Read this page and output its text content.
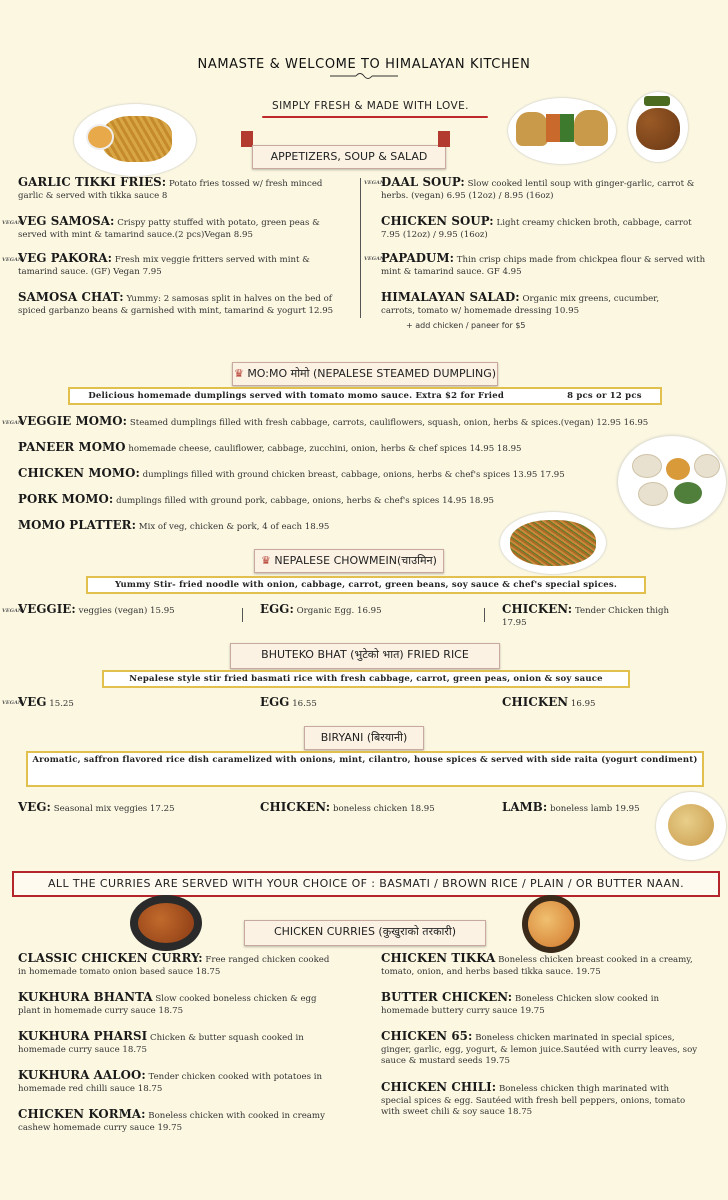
NAMASTE & WELCOME TO HIMALAYAN KITCHEN
SIMPLY FRESH & MADE WITH LOVE.
APPETIZERS, SOUP & SALAD
GARLIC TIKKI FRIES: Potato fries tossed w/ fresh minced garlic & served with tikka sauce 8
VEGAN
VEG SAMOSA: Crispy patty stuffed with potato, green peas & served with mint & tamarind sauce.(2 pcs)Vegan 8.95
VEGAN
VEG PAKORA: Fresh mix veggie fritters served with mint & tamarind sauce. (GF) Vegan 7.95
SAMOSA CHAT: Yummy: 2 samosas split in halves on the bed of spiced garbanzo beans & garnished with mint, tamarind & yogurt 12.95
VEGAN
DAAL SOUP: Slow cooked lentil soup with ginger-garlic, carrot & herbs. (vegan) 6.95 (12oz) / 8.95 (16oz)
CHICKEN SOUP: Light creamy chicken broth, cabbage, carrot 7.95 (12oz) / 9.95 (16oz)
VEGAN
PAPADUM: Thin crisp chips made from chickpea flour & served with mint & tamarind sauce. GF 4.95
HIMALAYAN SALAD: Organic mix greens, cucumber, carrots, tomato w/ homemade dressing 10.95
+ add chicken / paneer for $5
♛ MO:MO मोमो (NEPALESE STEAMED DUMPLING)
Delicious homemade dumplings served with tomato momo sauce. Extra $2 for Fried	8 pcs or 12 pcs
VEGAN
VEGGIE MOMO: Steamed dumplings filled with fresh cabbage, carrots, cauliflowers, squash, onion, herbs & spices.(vegan) 12.95 16.95
PANEER MOMO homemade cheese, cauliflower, cabbage, zucchini, onion, herbs & chef spices 14.95 18.95
CHICKEN MOMO: dumplings filled with ground chicken breast, cabbage, onions, herbs & chef's spices 13.95 17.95
PORK MOMO: dumplings filled with ground pork, cabbage, onions, herbs & chef's spices 14.95 18.95
MOMO PLATTER: Mix of veg, chicken & pork, 4 of each 18.95
♛ NEPALESE CHOWMEIN(चाउमिन)
Yummy Stir- fried noodle with onion, cabbage, carrot, green beans, soy sauce & chef's special spices.
VEGAN
VEGGIE: veggies (vegan) 15.95	EGG: Organic Egg. 16.95	CHICKEN: Tender Chicken thigh 17.95
BHUTEKO BHAT (भुटेको भात) FRIED RICE
Nepalese style stir fried basmati rice with fresh cabbage, carrot, green peas, onion & soy sauce
VEGAN
VEG 15.25	EGG 16.55	CHICKEN 16.95
BIRYANI (बिरयानी)
Aromatic, saffron flavored rice dish caramelized with onions, mint, cilantro, house spices & served with side raita (yogurt condiment)
VEG: Seasonal mix veggies 17.25	CHICKEN: boneless chicken 18.95	LAMB: boneless lamb 19.95
ALL THE CURRIES ARE SERVED WITH YOUR CHOICE OF : BASMATI / BROWN RICE / PLAIN / OR BUTTER NAAN.
CHICKEN CURRIES (कुखुराको तरकारी)
CLASSIC CHICKEN CURRY: Free ranged chicken cooked in homemade tomato onion based sauce 18.75
KUKHURA BHANTA Slow cooked boneless chicken & egg plant in homemade curry sauce 18.75
KUKHURA PHARSI Chicken & butter squash cooked in homemade curry sauce 18.75
KUKHURA AALOO: Tender chicken cooked with potatoes in homemade red chilli sauce 18.75
CHICKEN KORMA: Boneless chicken with cooked in creamy cashew homemade curry sauce 19.75
CHICKEN TIKKA Boneless chicken breast cooked in a creamy, tomato, onion, and herbs based tikka sauce. 19.75
BUTTER CHICKEN: Boneless Chicken slow cooked in homemade buttery curry sauce 19.75
CHICKEN 65: Boneless chicken marinated in special spices, ginger, garlic, egg, yogurt, & lemon juice.Sautéed with curry leaves, soy sauce & mustard seeds 19.75
CHICKEN CHILI: Boneless chicken thigh marinated with special spices & egg. Sautéed with fresh bell peppers, onions, tomato with sweet chili & soy sauce 18.75
